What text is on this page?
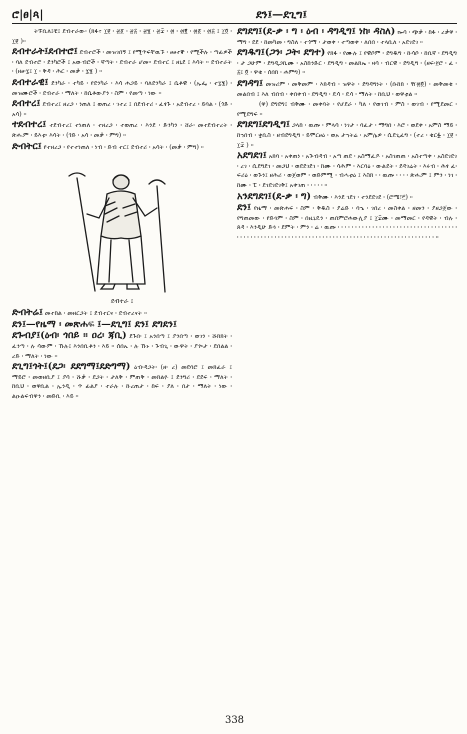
ሮ|ፀ|ጳ|	ደን፤—ደጊግ፤

ትፑቢለ፤ቺ፤ ደብተራው፡ (ክፋ፥ ፲፱ ፡ ፳፩ ፡ ፳፭ ፡ ፳፮ ፡ ፳፰ ፡ ፴ ፡ ፴፪ ፡ ፴፩ ፡ ፴፭ ፤ ፲፬ ፡ ፲፱ )።

ደብተራት፤ደብተሮ፤ ደብተሮች ፡ መዝገበኝ ፤ የሚጥፍቸዉኙ ፡ ፀፀተኞ ፡ የሚችሉ ፡ ጣፊዎች ፡ ባለ ደብተሮ ፡ ደንካሮች ፤ አውብሮች ፡ ኛጣት ፡ ደብተራ ሆመ፡፡ ደብተር ፤ ዘኒደ ፤ እሳት ፡፡ ደብተራት ፡ (ዘፀ፡፯፤ ፲ ፡ ቅዳ ፡ ሕር ፡ መቃ ፡ ፯፮ ) ።

ደብተራዊ፤ ደንካራ ፡ ተካይ ፡ የደንካራ ፡ እሳ ሐጋይ ፡ ባለደንካራ ፤ ሴቶዊ ፡ (ኢፌ ፡ ተ፯፮) ፡ መዝሙሮች ፡ ደብተራ ፡ ማለት ፡ ከሴቶውያን ፡ ስም ፡ የመጣ ፡ ነው ።

ደብተረ፤ ደብተረ፤ ዘረጋ ፡ ነጠለ ፤ ወጠረ ፡ ገተረ ፤ በደብተሪ ፡ ፈፃጉ ፡ አደብተረ ፡ ይባል ፡ (ጎድ ፡ አሳ) ።

ተደብተረ፤ ተደብተረ፤ ተነጠለ ፡ ተዘረጋ ፡ ተወጠረ ፡ እንደ ፡ ድንካን ፡ ሸራ፡ መተደብተረት ፡ ጽሑም ፡ ይእቲ፡ እሳት ፡ (ጎድ ፡ አሳ ፡ መቃ ፡ ምግ) ።

ድብትር፤ የተዘረጋ ፡ የተተነጠለ ፡ ነብ ፡ ድብ ተር፤ ደብተሪ ፡ አሳት ፡ (መቃ ፡ ምግ) ።

ደብተራ ፤

ድብትሬ፤ መተከል ፡ መዘርጋት ፤ ደብተርና ፡ ደብተረናት ።

ደን፤—የዜማ ፡ መጽሐፍ ፤—ደጊግ፤ ደን፤ ደግደን፤

ደጉብያ፤(ዕብ፡ ጎበይ ። ዐረ፡ ጃቢ) ደጉበ፡ ፤ አንበጣ ፤ ያንበጣ ፡ ወገን ፡ ሹክክት ፡ ፈንጣ ፡ ሉ ሳውም ፡ ኹሉ፤ እንበቢቶን ፡ እይ ። ሰበኡ ፡ ሉ ኹኑ ፡ ጉብጊ ፡ ውዋት ፡ ያጐታ ፡ ደበልል ፡ ረድ ፡ ማለት ፡ ነው ።

ደጊግ፤ጎት፤(ደጋ፡ ደደግማ፤ደድግማ) ዕብ፡ዳጋት፡ (ዘ፡ ረ) መደባሮ ፤ መክፈራ ፤ ማይሮ ፡ መወዘቢያ ፤ ያሳ ፡ ሹቃ ፡ ደጋት ፡ ታለቅ ፡ ምጠቅ ፡ መክልዮ ፤ ደንግሪ ፡ ደደፍ ፡ ማለት ፡ ከቢህ ፡ ወዋቢል ፡ ኢንዲ ፡ ጥ ፊልያ ፡ ተራሉ ፡ ኩረጠታ ፡ ከፍ ፡ ያለ ፡ በታ ፡ ማለት ፡ ነው ፡ ልዑልፍብዋን ፡ መድቢ ፡ እይ ።

ደግደግ፤(ደ-ቃ ፡ ግ ፡ ዕብ ፡ ዳግዲግ፤ ነከ፡ ዳስለ) ኰሳ ፡ ጭቃ ፡ ከፋ ፡ ረቃዋ ፡ ማግ ፡ ደደ ፡ ከመካመ ፡ ግስለ ፡ ተጎማ ፡ ታወቀ ፡ ተጣወቀ ፡ ለበበ ፡ ተላቢለ ፡ አደገደገ ።

ደግዱግ፤(ጋን፡ ጋት፡ ደግተ) የክፋ ፡ የሙሉ ፤ የዊሶም ፡ ደግዱግ ፡ ኩሳሶ ፡ ከቢኛ ፡ ደግዲግ ፡ ታ ጋሁም ፡ ደግዲጋኪሙ ፡ አስከንድር ፡ ደግዲግ ፡ መልክኤ ፡ ዛሳ ፡ ብርዊ ፡ ደግዲግ ፡ (ዘፍ፡፻ሮ ፡ ፈ ፡ ፭፤ ፬ ፡ ዋቁ ፡ ሰበክ ፡ ሐምግ) ።

ደግዳግ፤ መዝሪም ፡ መቅመም ፡ እክዳብ ፡ ዝዋት ፡ ደግዳግነት ፡ (ቡከክ ፡ ዥ፴፬) ፡ መቅመቂ ፡ መልበብ ፤ እለ ብበብ ፡ ቀበቀብ ፡ ደግዲግ ፡ ዴሳ ፡ ዴሳ ፡ ማለት ፡ ከቢህ ፡ ወዋቲል ።

(ዋ) ደግደግ፤ ብቅሙ ፡ መቀባት ፡ የሆደራ ፡ ካለ ፡ የወገብ ፡ ምስ ፡ ወገብ ፡ የሚደመር ፡ የሚደግፍ ።

ደግደግ፤ደግዲግ፤ ጋላከ ፡ ዉጡ ፡ ምላሳ ፡ ነገታ ፡ ባፈታ ፡ ማግበ ፡ እሮ ፡ ወደቀ ፡ አምስ ማይ ፡ ከኀበብ ፡ ቋቢስ ፡ ዘብደግዲግ ፡ ይሞርፀዕ ፡ ወአ ታኀትሬ ፡ አምሌዎ ፡ ሲደጊፈግ ፡ (ተረ ፡ ቁርፏ ፡ ፲፱ ፡ ፲፰ ) ።

አደግደገ፤ አክባ ፡ አቀጠነ ፡ አጕብዳብ ፡ አጣ ጠደ ፡ አስማፈዶ ፡ አስገጠጠ ፡ አስተጣቀ ፡ አስደገደገ ፡ ረገ ፡ ሲደግደገ ፡ መጋህ ፡ ወደደገደገ ፡ ከሙ ፡ ሳሕም ፡ እርባዕ ፡ ውልደት ፡ ደዳገሬት ፡ እሩብ ፡ ሕፃ ፈ፡ ፍሪዕ ፡ ወጉን፤ ዘሕሪ ፡ ወጀወም ፡ ወድምሚ ፡ ብሓቲዕ ፤ እስክ ፡ ፡ ዉጡ ፡ ፡ ፡ ፡ ጽሑም ፤ ምን ፡ ነገ ፡ ከሙ ፡ ፒ ፡ ደገደገደገቅ፤ አቀገጠ ፡ ፡ ፡ ፡ ፡ ።

አንደግደገ፤(ደ-ቃ ፡ ግ) ብቅሙ ፡ እንደ ገደገ ፡ ተንደደገደ ፡ (ሮሜ፣፫) ።

ደን፤ የዜማ ፡ መጽሐፍ ፡ ስም ፡ ቅዱስ ፡ ያሬድ ፡ ባኄ ፡ ገበረ ፡ መስቀል ፡ ዘመን ፡ ያዘጋጀው ፡ የግጠመው ፡ የድጓም ፡ ስም ፡ በዚኒዴን ፡ ጠበምሮሐውሊያ ፤ ፲፰ሙ ፡ መማመር ፡ የዳዊት ፡ ብሉ ፡ ጸዳ ፡ እንዲሁ ድጓ ፡ ደምት ፡ ምን ፡ ሬ ፡ ዉጡ ፡ ፡ ፡ ፡ ፡ ፡ ፡ ፡ ፡ ፡ ፡ ፡ ፡ ፡ ፡ ፡ ፡ ፡ ፡ ፡ ፡ ፡ ፡ ፡ ፡ ፡ ፡ ፡ ፡ ፡ ፡ ፡ ፡ ፡ ፡ ፡ ፡ ፡ ፡ ፡ ፡ ፡ ፡ ፡ ፡ ፡ ፡ ፡ ፡ ፡ ፡ ፡ ፡ ፡ ፡ ፡ ፡ ፡ ፡ ፡ ፡ ፡ ፡ ፡ ፡ ፡ ፡ ፡ ፡ ፡ ፡ ፡ ፡ ፡ ፡ ፡ ፡ ፡ ፡ ፡ ፡ ፡ ፡ ፡ ፡ ፡ ፡ ፡ ፡ ፡ ፡ ፡ ፡ ።

338
